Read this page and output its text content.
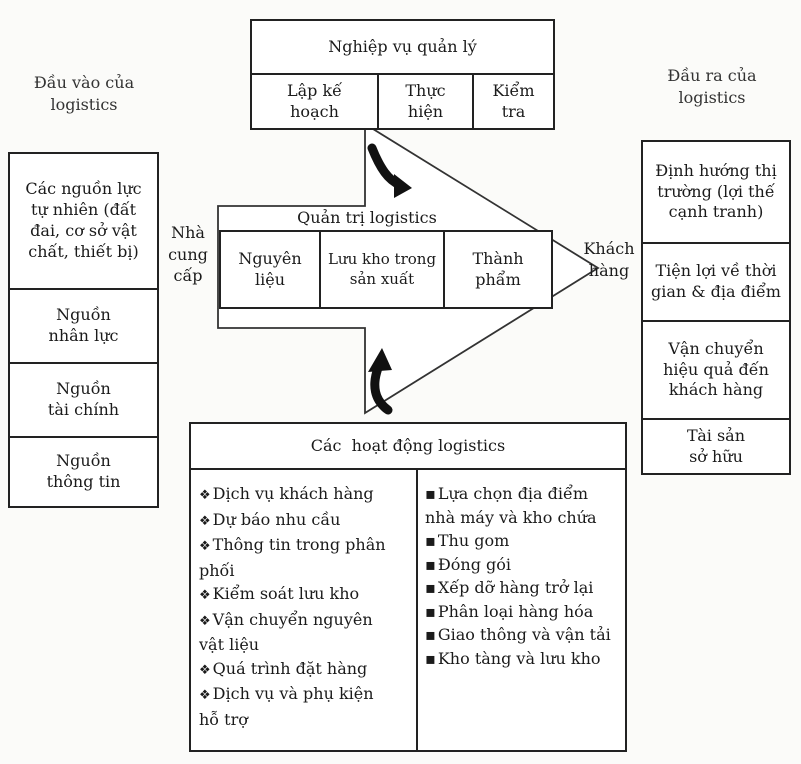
Nghiệp vụ quản lý
Lập kế
hoạch
Thực
hiện
Kiểm
tra
Đầu vào của
logistics
Các nguồn lực
tự nhiên (đất
đai, cơ sở vật
chất, thiết bị)
Nguồn
nhân lực
Nguồn
tài chính
Nguồn
thông tin
Nhà
cung
cấp
Quản trị logistics
Nguyên
liệu
Lưu kho trong
sản xuất
Thành
phẩm
Khách
hàng
Đầu ra của
logistics
Định hướng thị
trường (lợi thế
cạnh tranh)
Tiện lợi về thời
gian & địa điểm
Vận chuyển
hiệu quả đến
khách hàng
Tài sản
sở hữu
Các  hoạt động logistics
❖ Dịch vụ khách hàng
❖ Dự báo nhu cầu
❖ Thông tin trong phân
phối
❖ Kiểm soát lưu kho
❖ Vận chuyển nguyên
vật liệu
❖ Quá trình đặt hàng
❖ Dịch vụ và phụ kiện
hỗ trợ
▪ Lựa chọn địa điểm
nhà máy và kho chứa
▪ Thu gom
▪ Đóng gói
▪ Xếp dỡ hàng trở lại
▪ Phân loại hàng hóa
▪ Giao thông và vận tải
▪ Kho tàng và lưu kho
